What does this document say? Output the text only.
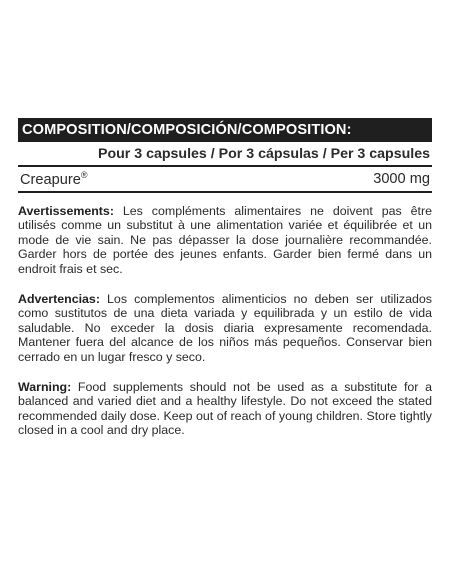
COMPOSITION/COMPOSICIÓN/COMPOSITION:
Pour 3 capsules / Por 3 cápsulas / Per 3 capsules
Creapure®	3000 mg

Avertissements: Les compléments alimentaires ne doivent pas être utilisés comme un substitut à une alimentation variée et équilibrée et un mode de vie sain. Ne pas dépasser la dose journalière recommandée. Garder hors de portée des jeunes enfants. Garder bien fermé dans un endroit frais et sec.

Advertencias: Los complementos alimenticios no deben ser utilizados como sustitutos de una dieta variada y equilibrada y un estilo de vida saludable. No exceder la dosis diaria expresamente recomendada. Mantener fuera del alcance de los niños más pequeños. Conservar bien cerrado en un lugar fresco y seco.

Warning: Food supplements should not be used as a substitute for a balanced and varied diet and a healthy lifestyle. Do not exceed the stated recommended daily dose. Keep out of reach of young children. Store tightly closed in a cool and dry place.
